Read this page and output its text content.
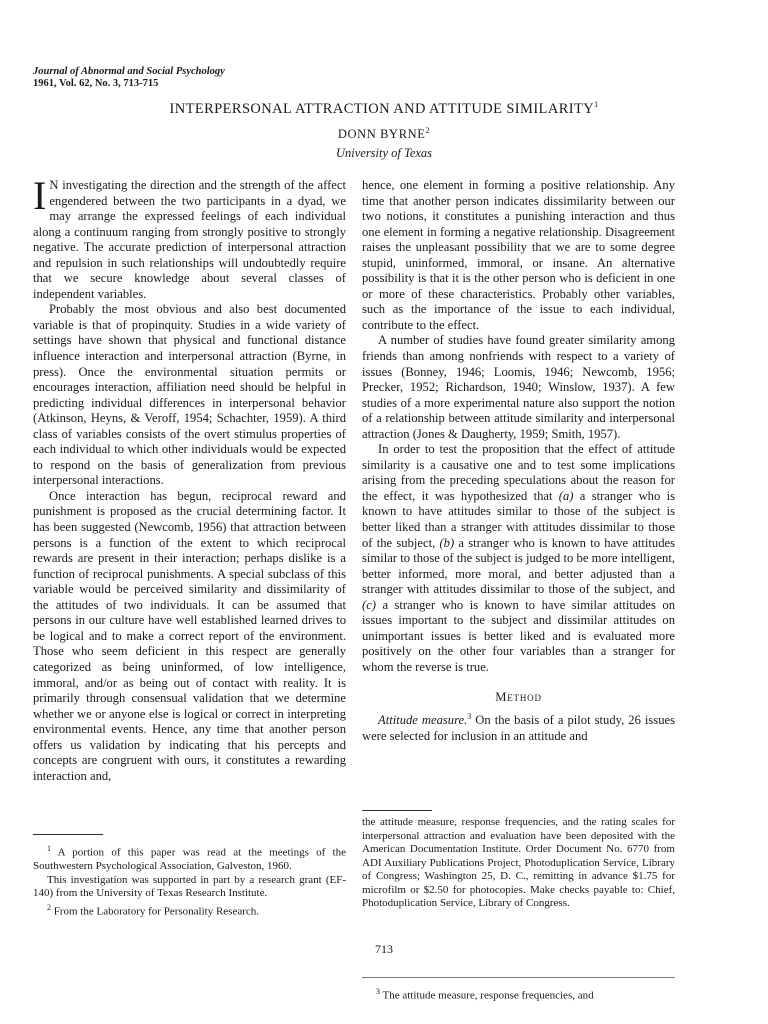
Journal of Abnormal and Social Psychology
1961, Vol. 62, No. 3, 713-715
INTERPERSONAL ATTRACTION AND ATTITUDE SIMILARITY$^1$
DONN BYRNE$^2$
University of Texas

I N investigating the direction and the strength of the affect engendered between the two participants in a dyad, we may arrange the expressed feelings of each individual along a continuum ranging from strongly positive to strongly negative. The accurate prediction of interpersonal attraction and repulsion in such relationships will undoubtedly require that we secure knowledge about several classes of independent variables.

Probably the most obvious and also best documented variable is that of propinquity. Studies in a wide variety of settings have shown that physical and functional distance influence interaction and interpersonal attraction (Byrne, in press). Once the environmental situation permits or encourages interaction, affiliation need should be helpful in predicting individual differences in interpersonal behavior (Atkinson, Heyns, & Veroff, 1954; Schachter, 1959). A third class of variables consists of the overt stimulus properties of each individual to which other individuals would be expected to respond on the basis of generalization from previous interpersonal interactions.

Once interaction has begun, reciprocal reward and punishment is proposed as the crucial determining factor. It has been suggested (Newcomb, 1956) that attraction between persons is a function of the extent to which reciprocal rewards are present in their interaction; perhaps dislike is a function of reciprocal punishments. A special subclass of this variable would be perceived similarity and dissimilarity of the attitudes of two individuals. It can be assumed that persons in our culture have well established learned drives to be logical and to make a correct report of the environment. Those who seem deficient in this respect are generally categorized as being uninformed, of low intelligence, immoral, and/or as being out of contact with reality. It is primarily through consensual validation that we determine whether we or anyone else is logical or correct in interpreting environmental events. Hence, any time that another person offers us validation by indicating that his percepts and concepts are congruent with ours, it constitutes a rewarding interaction and,

hence, one element in forming a positive relationship. Any time that another person indicates dissimilarity between our two notions, it constitutes a punishing interaction and thus one element in forming a negative relationship. Disagreement raises the unpleasant possibility that we are to some degree stupid, uninformed, immoral, or insane. An alternative possibility is that it is the other person who is deficient in one or more of these characteristics. Probably other variables, such as the importance of the issue to each individual, contribute to the effect.

A number of studies have found greater similarity among friends than among nonfriends with respect to a variety of issues (Bonney, 1946; Loomis, 1946; Newcomb, 1956; Precker, 1952; Richardson, 1940; Winslow, 1937). A few studies of a more experimental nature also support the notion of a relationship between attitude similarity and interpersonal attraction (Jones & Daugherty, 1959; Smith, 1957).

In order to test the proposition that the effect of attitude similarity is a causative one and to test some implications arising from the preceding speculations about the reason for the effect, it was hypothesized that (a) a stranger who is known to have attitudes similar to those of the subject is better liked than a stranger with attitudes dissimilar to those of the subject, (b) a stranger who is known to have attitudes similar to those of the subject is judged to be more intelligent, better informed, more moral, and better adjusted than a stranger with attitudes dissimilar to those of the subject, and (c) a stranger who is known to have similar attitudes on issues important to the subject and dissimilar attitudes on unimportant issues is better liked and is evaluated more positively on the other four variables than a stranger for whom the reverse is true.

Method

Attitude measure.$^3$ On the basis of a pilot study, 26 issues were selected for inclusion in an attitude and

$^1$ A portion of this paper was read at the meetings of the Southwestern Psychological Association, Galveston, 1960.

This investigation was supported in part by a research grant (EF-140) from the University of Texas Research Institute.

$^2$ From the Laboratory for Personality Research.

the attitude measure, response frequencies, and the rating scales for interpersonal attraction and evaluation have been deposited with the American Documentation Institute. Order Document No. 6770 from ADI Auxiliary Publications Project, Photoduplication Service, Library of Congress; Washington 25, D. C., remitting in advance $1.75 for microfilm or $2.50 for photocopies. Make checks payable to: Chief, Photoduplication Service, Library of Congress.

713

$^3$ The attitude measure, response frequencies, and
